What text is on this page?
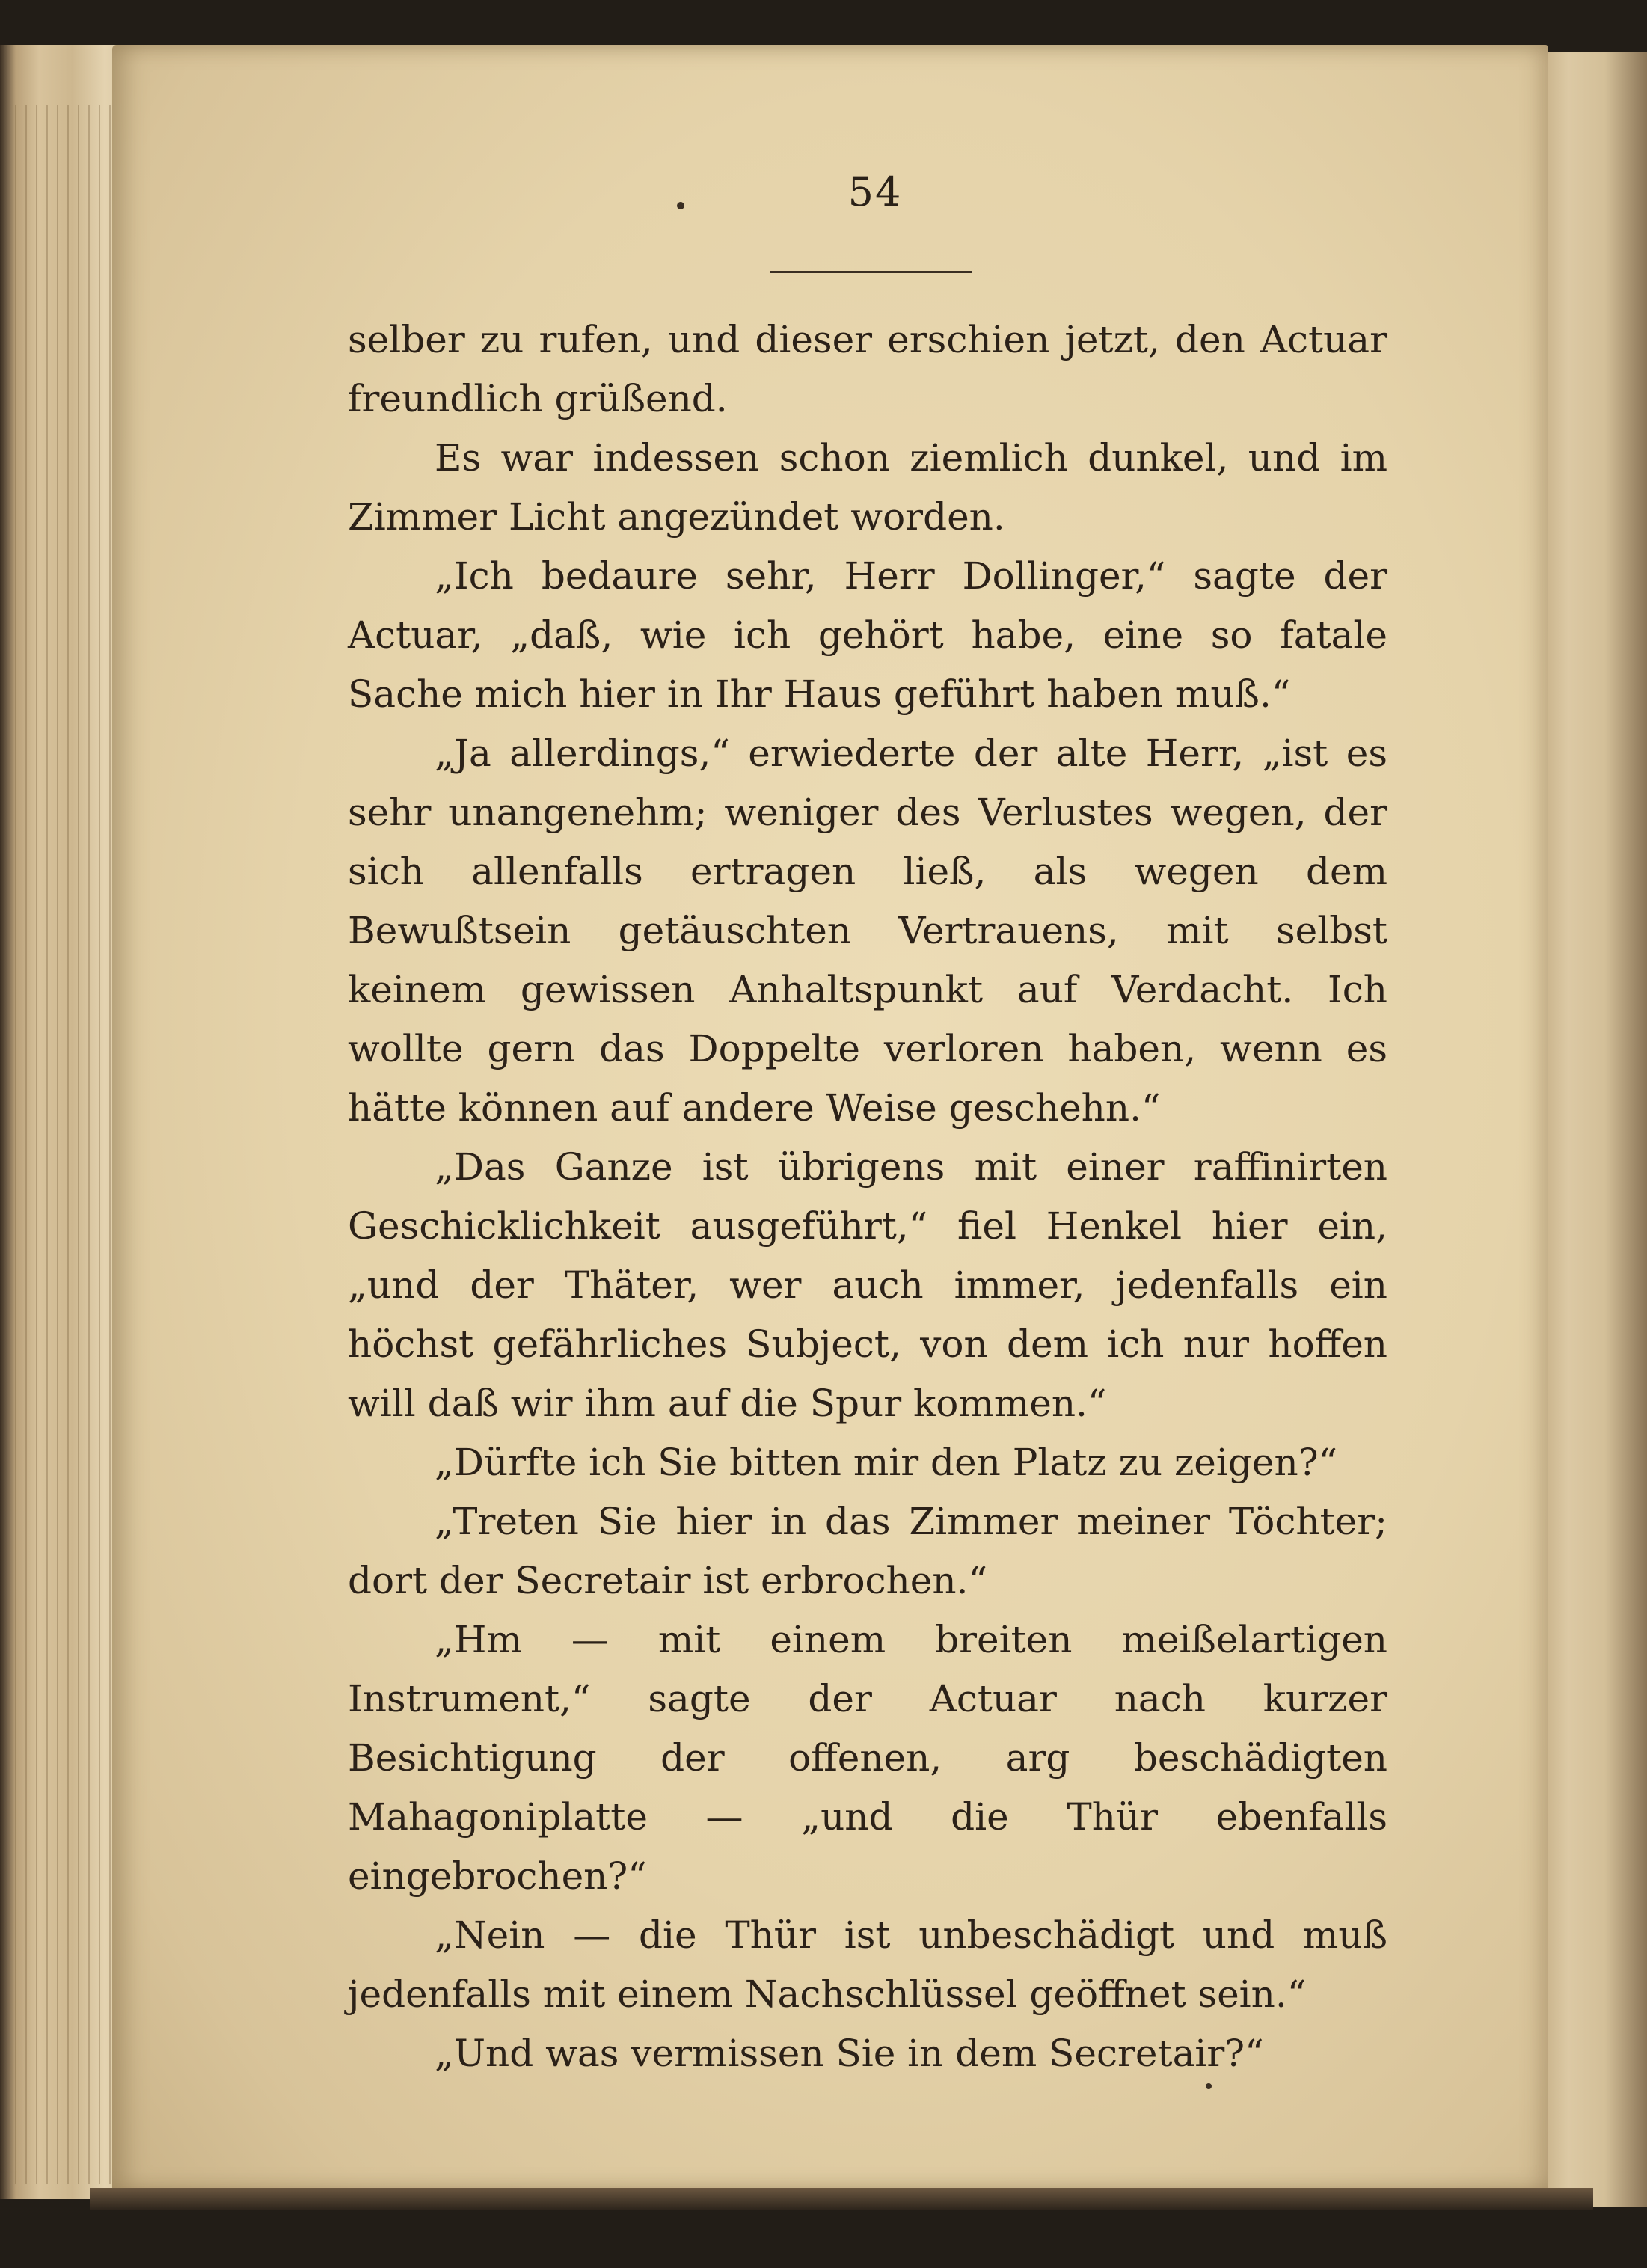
54

selber zu rufen, und dieser erschien jetzt, den Actuar freundlich grüßend.

Es war indessen schon ziemlich dunkel, und im Zimmer Licht angezündet worden.

„Ich bedaure sehr, Herr Dollinger,“ sagte der Actuar, „daß, wie ich gehört habe, eine so fatale Sache mich hier in Ihr Haus geführt haben muß.“

„Ja allerdings,“ erwiederte der alte Herr, „ist es sehr unangenehm; weniger des Verlustes wegen, der sich allenfalls ertragen ließ, als wegen dem Bewußtsein getäuschten Vertrauens, mit selbst keinem gewissen Anhaltspunkt auf Verdacht. Ich wollte gern das Doppelte verloren haben, wenn es hätte können auf andere Weise geschehn.“

„Das Ganze ist übrigens mit einer raffinirten Geschicklichkeit ausgeführt,“ fiel Henkel hier ein, „und der Thäter, wer auch immer, jedenfalls ein höchst gefährliches Subject, von dem ich nur hoffen will daß wir ihm auf die Spur kommen.“

„Dürfte ich Sie bitten mir den Platz zu zeigen?“

„Treten Sie hier in das Zimmer meiner Töchter; dort der Secretair ist erbrochen.“

„Hm — mit einem breiten meißelartigen Instrument,“ sagte der Actuar nach kurzer Besichtigung der offenen, arg beschädigten Mahagoniplatte — „und die Thür ebenfalls eingebrochen?“

„Nein — die Thür ist unbeschädigt und muß jedenfalls mit einem Nachschlüssel geöffnet sein.“

„Und was vermissen Sie in dem Secretair?“
